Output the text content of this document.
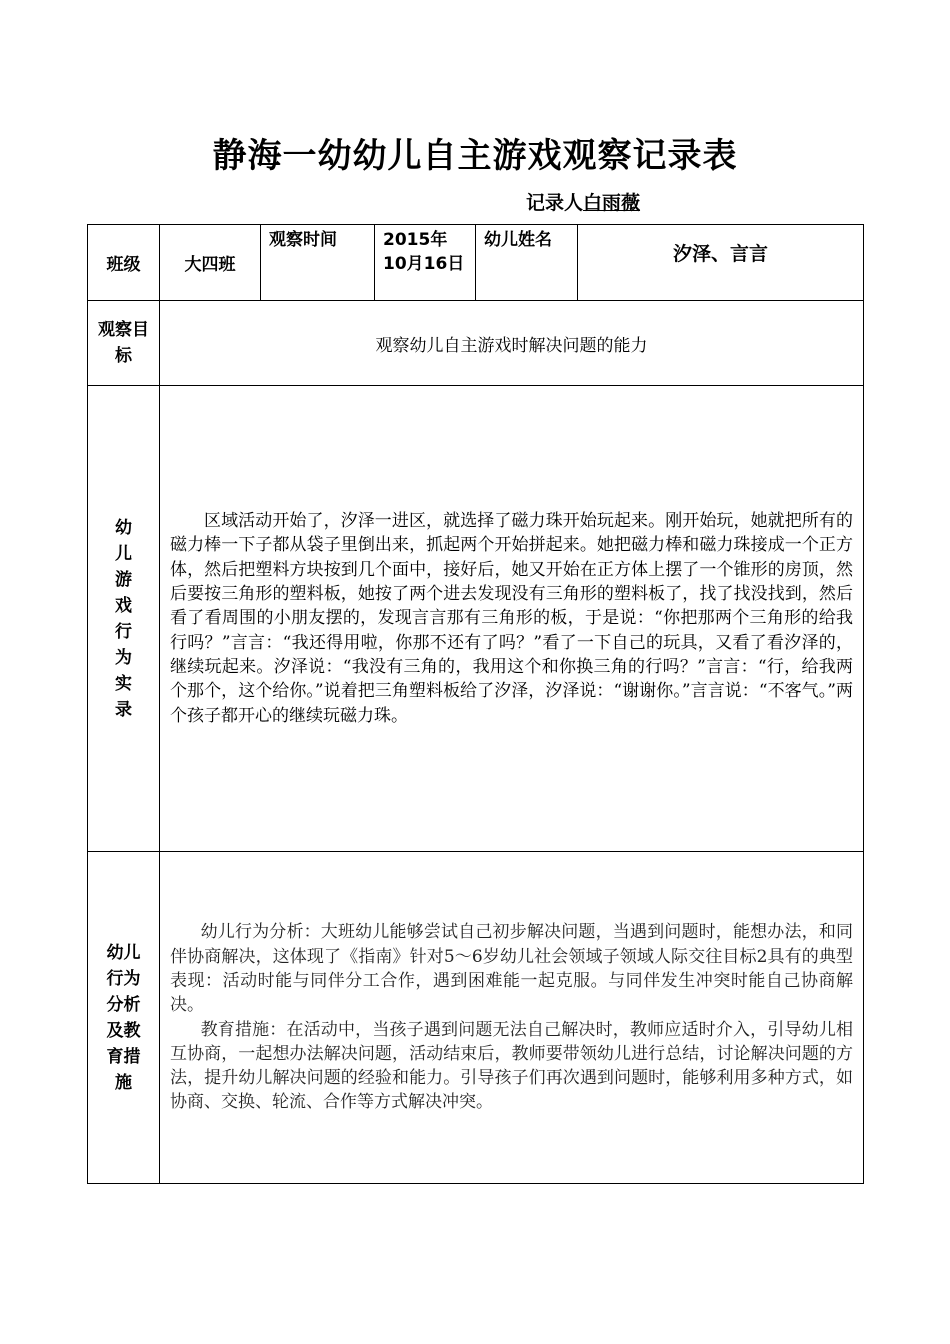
静海一幼幼儿自主游戏观察记录表
记录人白雨薇
班级	大四班	观察时间	2015年10月16日	幼儿姓名	汐泽、言言
观察目标	观察幼儿自主游戏时解决问题的能力				
幼儿游戏行为实录	区域活动开始了，汐泽一进区，就选择了磁力珠开始玩起来。刚开始玩，她就把所有的磁力棒一下子都从袋子里倒出来，抓起两个开始拼起来。她把磁力棒和磁力珠接成一个正方体，然后把塑料方块按到几个面中，接好后，她又开始在正方体上摆了一个锥形的房顶，然后要按三角形的塑料板，她按了两个进去发现没有三角形的塑料板了，找了找没找到，然后看了看周围的小朋友摆的，发现言言那有三角形的板，于是说：“你把那两个三角形的给我行吗？”言言：“我还得用啦，你那不还有了吗？”看了一下自己的玩具，又看了看汐泽的，继续玩起来。汐泽说：“我没有三角的，我用这个和你换三角的行吗？”言言：“行，给我两个那个，这个给你。”说着把三角塑料板给了汐泽，汐泽说：“谢谢你。”言言说：“不客气。”两个孩子都开心的继续玩磁力珠。				

幼儿行为分析及教育措施	幼儿行为分析：大班幼儿能够尝试自己初步解决问题，当遇到问题时，能想办法，和同伴协商解决，这体现了《指南》针对5～6岁幼儿社会领域子领域人际交往目标2具有的典型表现：活动时能与同伴分工合作，遇到困难能一起克服。与同伴发生冲突时能自己协商解决。

教育措施：在活动中，当孩子遇到问题无法自己解决时，教师应适时介入，引导幼儿相互协商，一起想办法解决问题，活动结束后，教师要带领幼儿进行总结，讨论解决问题的方法，提升幼儿解决问题的经验和能力。引导孩子们再次遇到问题时，能够利用多种方式，如协商、交换、轮流、合作等方式解决冲突。				
